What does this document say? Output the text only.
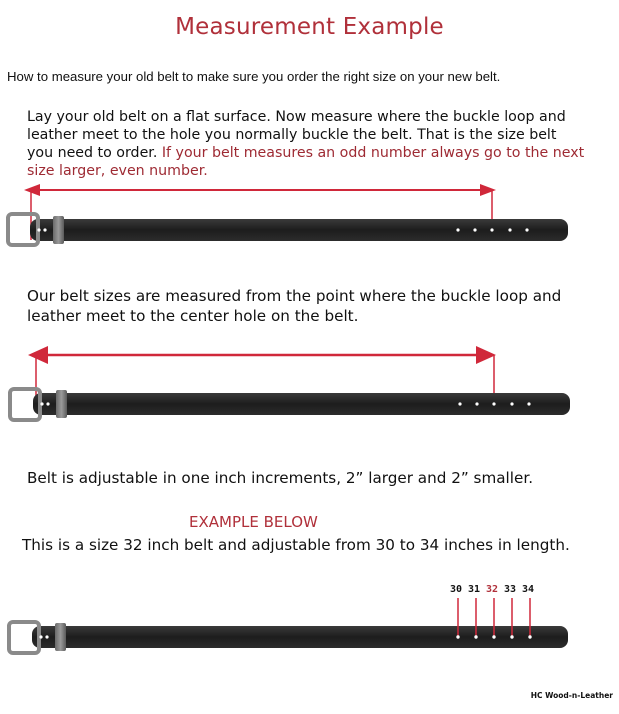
Measurement Example
How to measure your old belt to make sure you order the right size on your new belt.
Lay your old belt on a flat surface. Now measure where the buckle loop and leather meet to the hole you normally buckle the belt. That is the size belt you need to order. If your belt measures an odd number always go to the next size larger, even number.
Our belt sizes are measured from the point where the buckle loop and leather meet to the center hole on the belt.
Belt is adjustable in one inch increments, 2” larger and 2” smaller.
EXAMPLE BELOW
This is a size 32 inch belt and adjustable from 30 to 34 inches in length.
30 31 32 33 34
HC Wood-n-Leather
